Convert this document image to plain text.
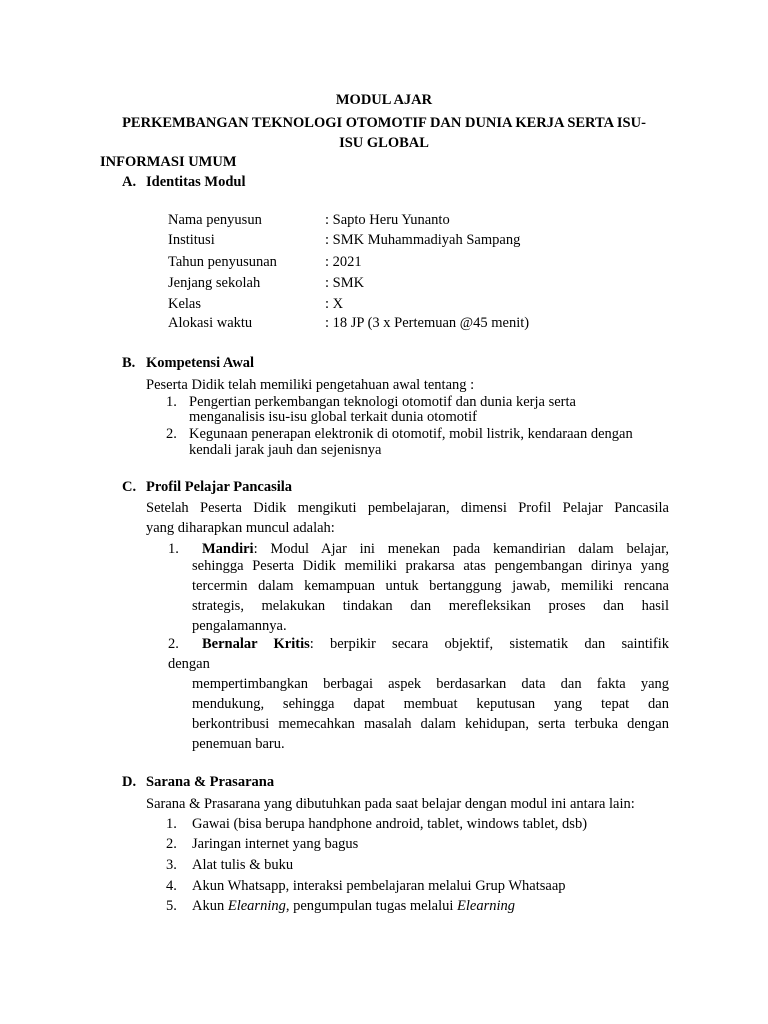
MODUL AJAR
PERKEMBANGAN TEKNOLOGI OTOMOTIF DAN DUNIA KERJA SERTA ISU-
ISU GLOBAL
INFORMASI UMUM
A. Identitas Modul
Nama penyusun	: Sapto Heru Yunanto
Institusi	: SMK Muhammadiyah Sampang
Tahun penyusunan	: 2021
Jenjang sekolah	: SMK
Kelas	: X
Alokasi waktu	: 18 JP (3 x Pertemuan @45 menit)
B. Kompetensi Awal
Peserta Didik telah memiliki pengetahuan awal tentang :
1. Pengertian perkembangan teknologi otomotif dan dunia kerja serta
menganalisis isu-isu global terkait dunia otomotif
2. Kegunaan penerapan elektronik di otomotif, mobil listrik, kendaraan dengan
kendali jarak jauh dan sejenisnya
C. Profil Pelajar Pancasila
Setelah Peserta Didik mengikuti pembelajaran, dimensi Profil Pelajar Pancasila
yang diharapkan muncul adalah:
1. Mandiri: Modul Ajar ini menekan pada kemandirian dalam belajar,
sehingga Peserta Didik memiliki prakarsa atas pengembangan dirinya yang
tercermin dalam kemampuan untuk bertanggung jawab, memiliki rencana
strategis, melakukan tindakan dan merefleksikan proses dan hasil
pengalamannya.
2. Bernalar Kritis: berpikir secara objektif, sistematik dan saintifik
dengan
mempertimbangkan berbagai aspek berdasarkan data dan fakta yang
mendukung, sehingga dapat membuat keputusan yang tepat dan
berkontribusi memecahkan masalah dalam kehidupan, serta terbuka dengan
penemuan baru.
D. Sarana & Prasarana
Sarana & Prasarana yang dibutuhkan pada saat belajar dengan modul ini antara lain:
1. Gawai (bisa berupa handphone android, tablet, windows tablet, dsb)
2. Jaringan internet yang bagus
3. Alat tulis & buku
4. Akun Whatsapp, interaksi pembelajaran melalui Grup Whatsaap
5. Akun Elearning, pengumpulan tugas melalui Elearning
